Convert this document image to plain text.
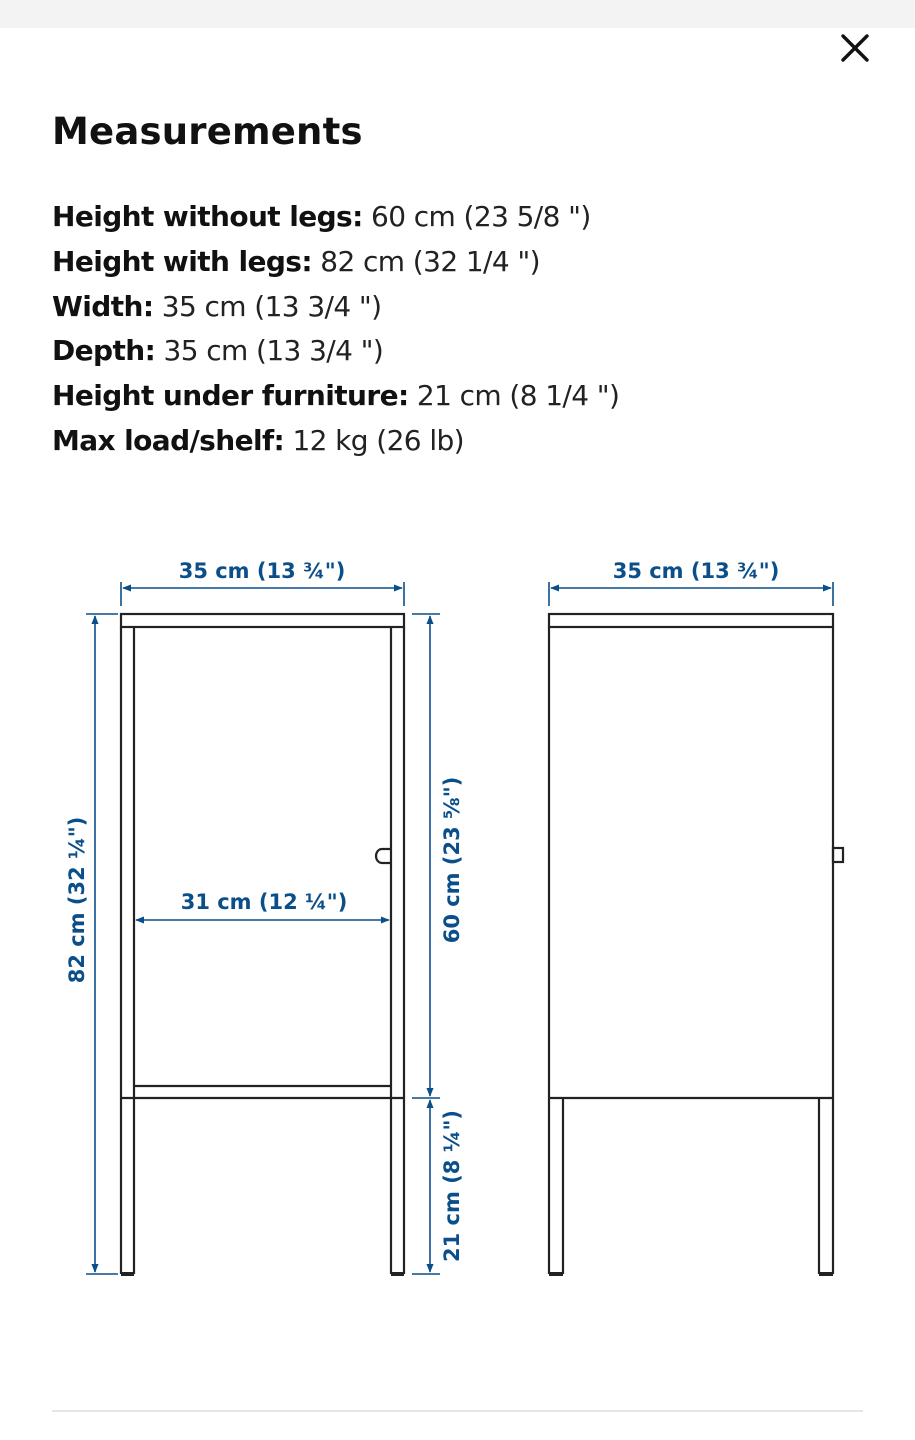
Measurements
Height without legs: 60 cm (23 5/8 ")
Height with legs: 82 cm (32 1/4 ")
Width: 35 cm (13 3/4 ")
Depth: 35 cm (13 3/4 ")
Height under furniture: 21 cm (8 1/4 ")
Max load/shelf: 12 kg (26 lb)
35 cm (13 ¾")	35 cm (13 ¾")
31 cm (12 ¼")
82 cm (32 ¼")	60 cm (23 ⅝")
21 cm (8 ¼")
